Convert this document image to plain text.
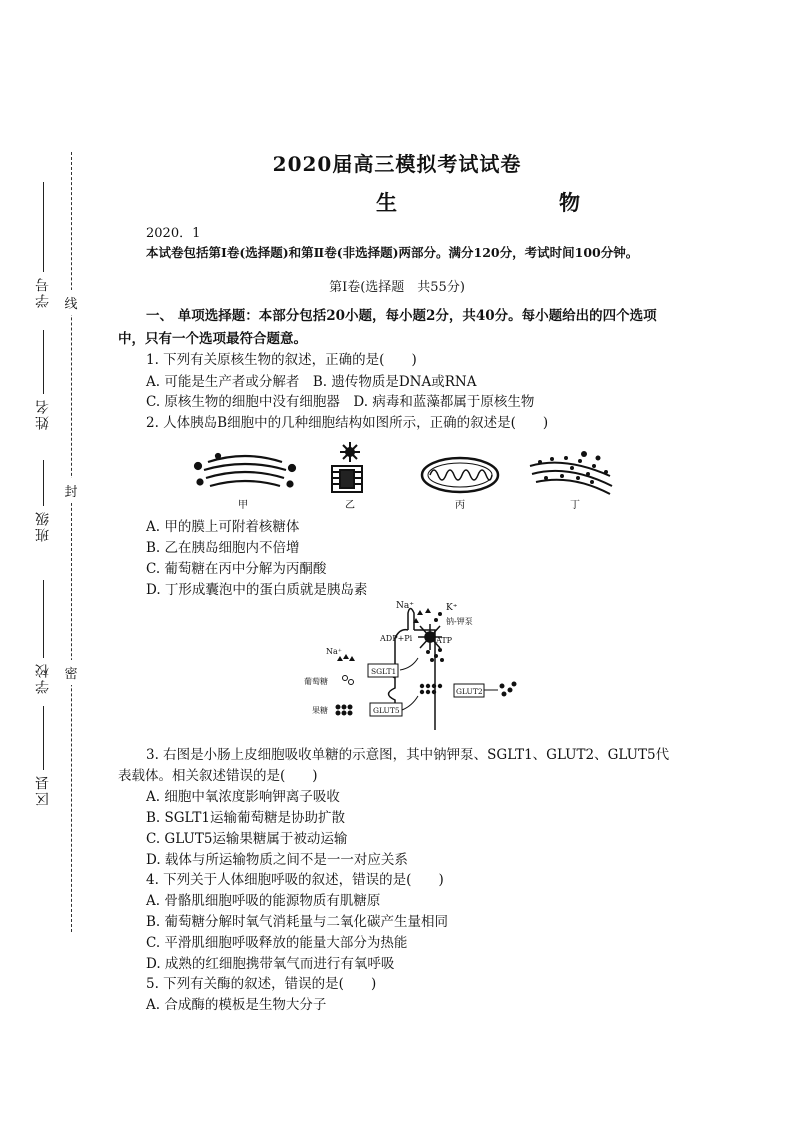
线
封
密
学号
姓名
班级
学校
区县
2020届高三模拟考试试卷
生　　物
2020．1
本试卷包括第Ⅰ卷(选择题)和第Ⅱ卷(非选择题)两部分。满分120分，考试时间100分钟。
第Ⅰ卷(选择题　共55分)
一、 单项选择题：本部分包括20小题，每小题2分，共40分。每小题给出的四个选项中，只有一个选项最符合题意。
1. 下列有关原核生物的叙述，正确的是(　　)
A. 可能是生产者或分解者　B. 遗传物质是DNA或RNA
C. 原核生物的细胞中没有细胞器　D. 病毒和蓝藻都属于原核生物
2. 人体胰岛B细胞中的几种细胞结构如图所示，正确的叙述是(　　)
甲	乙	丙	丁
A. 甲的膜上可附着核糖体
B. 乙在胰岛细胞内不倍增
C. 葡萄糖在丙中分解为丙酮酸
D. 丁形成囊泡中的蛋白质就是胰岛素
Na⁺	K⁺
钠-钾泵
ADP+Pi	ATP
Na⁺
葡萄糖
果糖
SGLT1
GLUT5
GLUT2
3. 右图是小肠上皮细胞吸收单糖的示意图，其中钠钾泵、SGLT1、GLUT2、GLUT5代
表载体。相关叙述错误的是(　　)
A. 细胞中氧浓度影响钾离子吸收
B. SGLT1运输葡萄糖是协助扩散
C. GLUT5运输果糖属于被动运输
D. 载体与所运输物质之间不是一一对应关系
4. 下列关于人体细胞呼吸的叙述，错误的是(　　)
A. 骨骼肌细胞呼吸的能源物质有肌糖原
B. 葡萄糖分解时氧气消耗量与二氧化碳产生量相同
C. 平滑肌细胞呼吸释放的能量大部分为热能
D. 成熟的红细胞携带氧气而进行有氧呼吸
5. 下列有关酶的叙述，错误的是(　　)
A. 合成酶的模板是生物大分子
